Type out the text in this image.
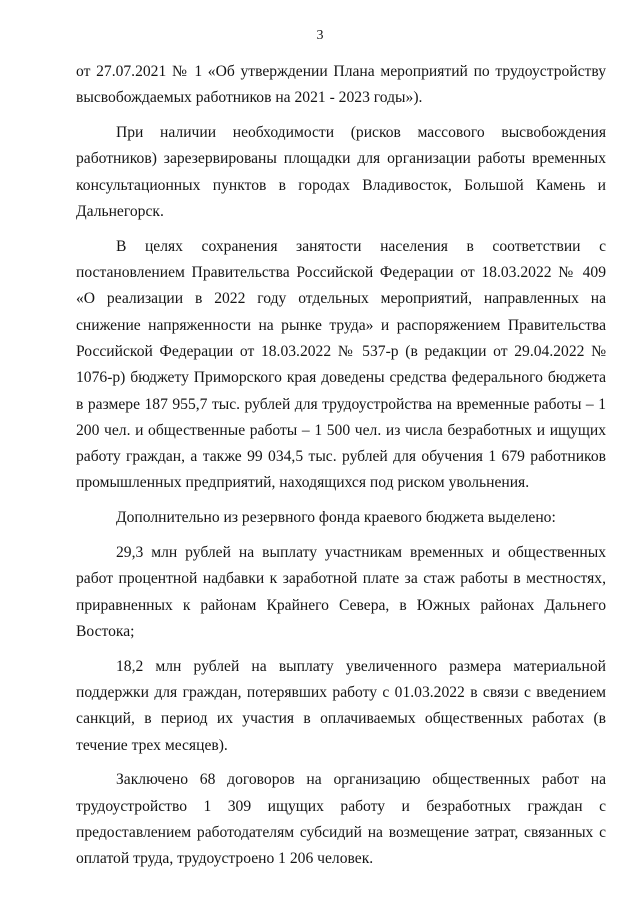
3

от 27.07.2021 № 1 «Об утверждении Плана мероприятий по трудоустройству высвобождаемых работников на 2021 - 2023 годы»).

При наличии необходимости (рисков массового высвобождения работников) зарезервированы площадки для организации работы временных консультационных пунктов в городах Владивосток, Большой Камень и Дальнегорск.

В целях сохранения занятости населения в соответствии с постановлением Правительства Российской Федерации от 18.03.2022 № 409 «О реализации в 2022 году отдельных мероприятий, направленных на снижение напряженности на рынке труда» и распоряжением Правительства Российской Федерации от 18.03.2022 № 537-р (в редакции от 29.04.2022 № 1076-р) бюджету Приморского края доведены средства федерального бюджета в размере 187 955,7 тыс. рублей для трудоустройства на временные работы – 1 200 чел. и общественные работы – 1 500 чел. из числа безработных и ищущих работу граждан, а также 99 034,5 тыс. рублей для обучения 1 679 работников промышленных предприятий, находящихся под риском увольнения.

Дополнительно из резервного фонда краевого бюджета выделено:

29,3 млн рублей на выплату участникам временных и общественных работ процентной надбавки к заработной плате за стаж работы в местностях, приравненных к районам Крайнего Севера, в Южных районах Дальнего Востока;

18,2 млн рублей на выплату увеличенного размера материальной поддержки для граждан, потерявших работу с 01.03.2022 в связи с введением санкций, в период их участия в оплачиваемых общественных работах (в течение трех месяцев).

Заключено 68 договоров на организацию общественных работ на трудоустройство 1 309 ищущих работу и безработных граждан с предоставлением работодателям субсидий на возмещение затрат, связанных с оплатой труда, трудоустроено 1 206 человек.
